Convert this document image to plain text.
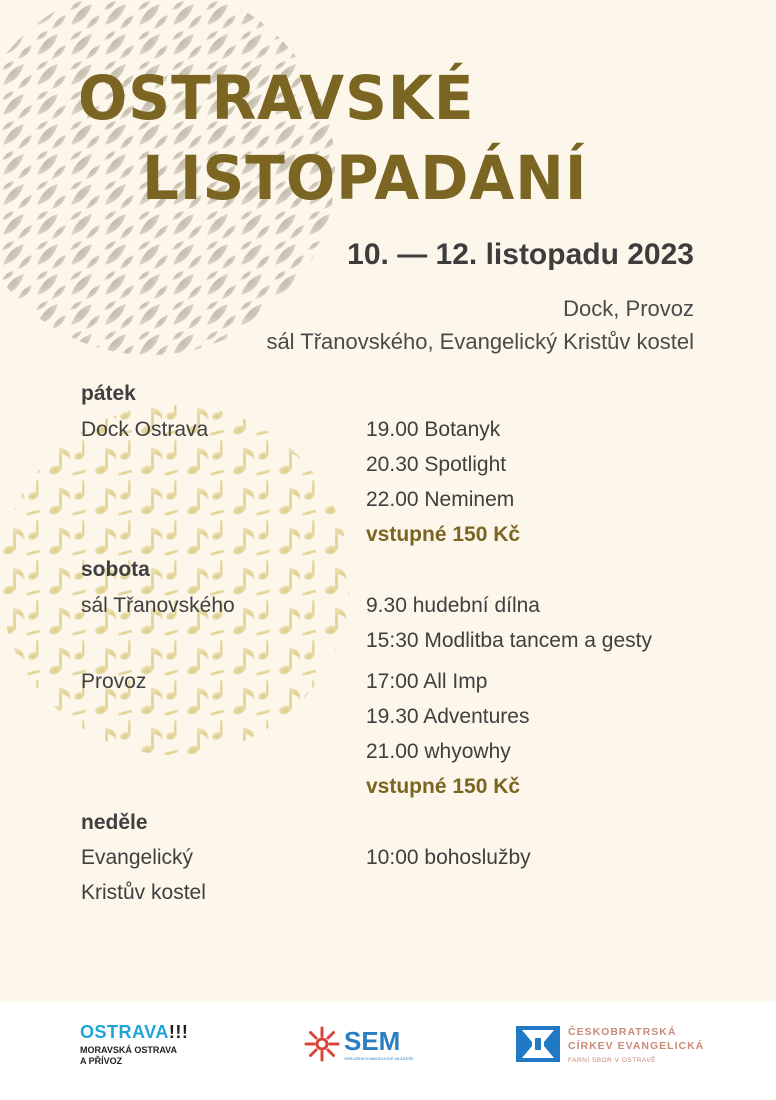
OSTRAVSKÉ
LISTOPADÁNÍ
10. — 12. listopadu 2023
Dock, Provoz
sál Třanovského, Evangelický Kristův kostel
pátek
Dock Ostrava	19.00 Botanyk
20.30 Spotlight
22.00 Neminem
vstupné 150 Kč
sobota
sál Třanovského	9.30 hudební dílna
15:30 Modlitba tancem a gesty
Provoz	17:00 All Imp
19.30 Adventures
21.00 whyowhy
vstupné 150 Kč
neděle
Evangelický	10:00 bohoslužby
Kristův kostel
OSTRAVA!!!
MORAVSKÁ OSTRAVA
A PŘÍVOZ
SEM
SDRUŽENÍ EVANGELICKÉ MLÁDEŽE
ČESKOBRATRSKÁ
CÍRKEV EVANGELICKÁ
FARNÍ SBOR V OSTRAVĚ
